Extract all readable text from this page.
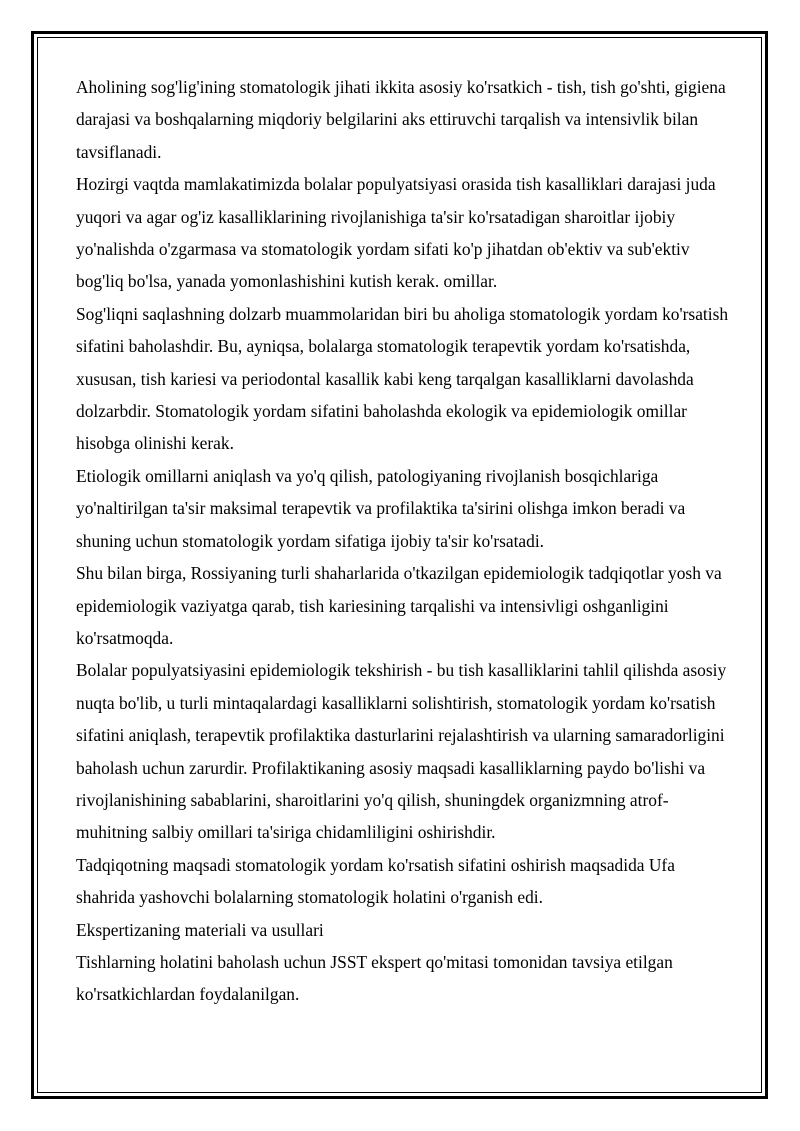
Aholining sog'lig'ining stomatologik jihati ikkita asosiy ko'rsatkich - tish, tish go'shti, gigiena darajasi va boshqalarning miqdoriy belgilarini aks ettiruvchi tarqalish va intensivlik bilan tavsiflanadi.

Hozirgi vaqtda mamlakatimizda bolalar populyatsiyasi orasida tish kasalliklari darajasi juda yuqori va agar og'iz kasalliklarining rivojlanishiga ta'sir ko'rsatadigan sharoitlar ijobiy yo'nalishda o'zgarmasa va stomatologik yordam sifati ko'p jihatdan ob'ektiv va sub'ektiv bog'liq bo'lsa, yanada yomonlashishini kutish kerak. omillar.

Sog'liqni saqlashning dolzarb muammolaridan biri bu aholiga stomatologik yordam ko'rsatish sifatini baholashdir. Bu, ayniqsa, bolalarga stomatologik terapevtik yordam ko'rsatishda, xususan, tish kariesi va periodontal kasallik kabi keng tarqalgan kasalliklarni davolashda dolzarbdir. Stomatologik yordam sifatini baholashda ekologik va epidemiologik omillar hisobga olinishi kerak.

Etiologik omillarni aniqlash va yo'q qilish, patologiyaning rivojlanish bosqichlariga yo'naltirilgan ta'sir maksimal terapevtik va profilaktika ta'sirini olishga imkon beradi va shuning uchun stomatologik yordam sifatiga ijobiy ta'sir ko'rsatadi.

Shu bilan birga, Rossiyaning turli shaharlarida o'tkazilgan epidemiologik tadqiqotlar yosh va epidemiologik vaziyatga qarab, tish kariesining tarqalishi va intensivligi oshganligini ko'rsatmoqda.

Bolalar populyatsiyasini epidemiologik tekshirish - bu tish kasalliklarini tahlil qilishda asosiy nuqta bo'lib, u turli mintaqalardagi kasalliklarni solishtirish, stomatologik yordam ko'rsatish sifatini aniqlash, terapevtik profilaktika dasturlarini rejalashtirish va ularning samaradorligini baholash uchun zarurdir. Profilaktikaning asosiy maqsadi kasalliklarning paydo bo'lishi va rivojlanishining sabablarini, sharoitlarini yo'q qilish, shuningdek organizmning atrof-muhitning salbiy omillari ta'siriga chidamliligini oshirishdir.

Tadqiqotning maqsadi stomatologik yordam ko'rsatish sifatini oshirish maqsadida Ufa shahrida yashovchi bolalarning stomatologik holatini o'rganish edi.

Ekspertizaning materiali va usullari

Tishlarning holatini baholash uchun JSST ekspert qo'mitasi tomonidan tavsiya etilgan ko'rsatkichlardan foydalanilgan.
